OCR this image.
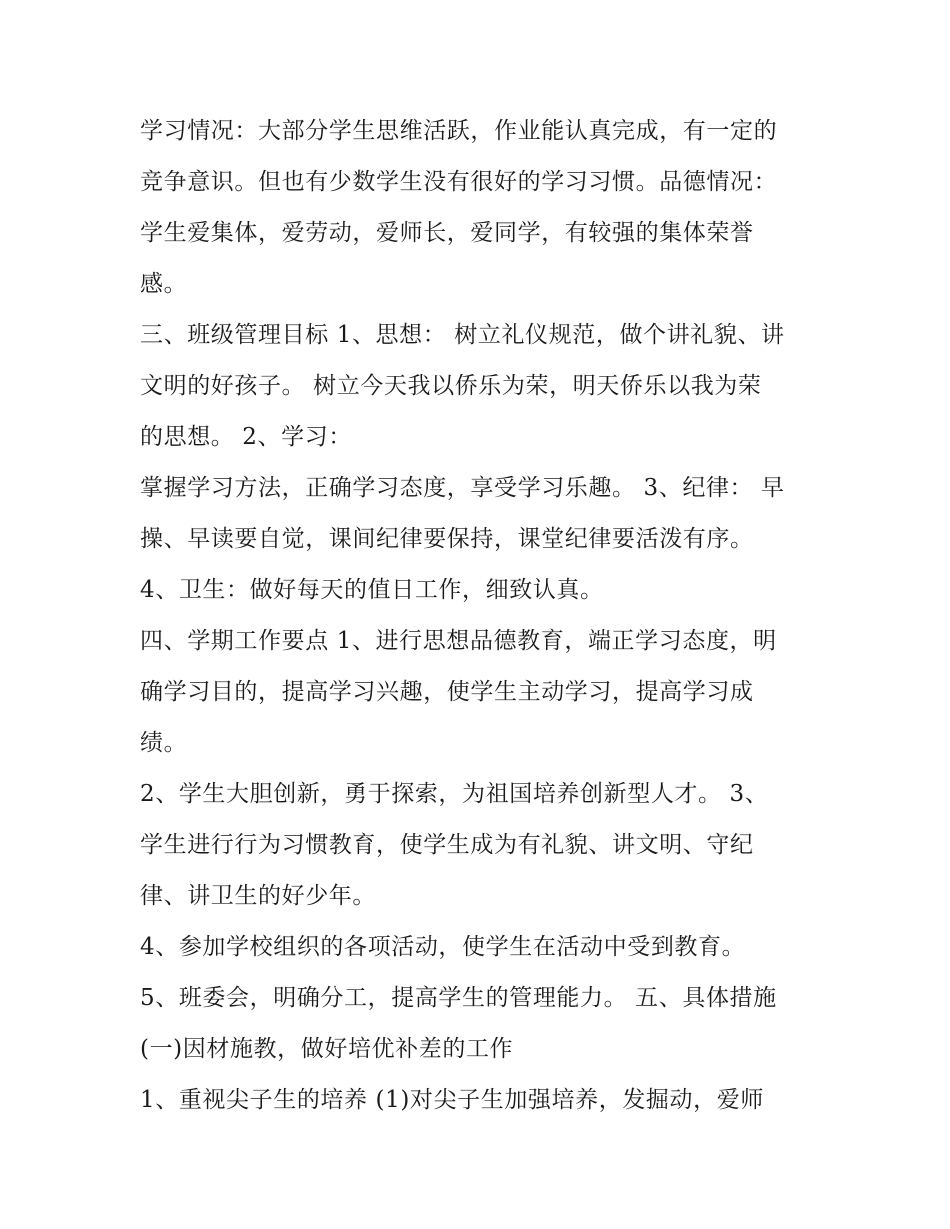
学习情况：大部分学生思维活跃，作业能认真完成，有一定的
竞争意识。但也有少数学生没有很好的学习习惯。品德情况：
学生爱集体，爱劳动，爱师长，爱同学，有较强的集体荣誉
感。
三、班级管理目标 1、思想： 树立礼仪规范，做个讲礼貌、讲
文明的好孩子。 树立今天我以侨乐为荣，明天侨乐以我为荣
的思想。 2、学习：
掌握学习方法，正确学习态度，享受学习乐趣。 3、纪律： 早
操、早读要自觉，课间纪律要保持，课堂纪律要活泼有序。
4、卫生：做好每天的值日工作，细致认真。
四、学期工作要点 1、进行思想品德教育，端正学习态度，明
确学习目的，提高学习兴趣，使学生主动学习，提高学习成
绩。
2、学生大胆创新，勇于探索，为祖国培养创新型人才。 3、
学生进行行为习惯教育，使学生成为有礼貌、讲文明、守纪
律、讲卫生的好少年。
4、参加学校组织的各项活动，使学生在活动中受到教育。
5、班委会，明确分工，提高学生的管理能力。 五、具体措施
(一)因材施教，做好培优补差的工作
1、重视尖子生的培养 (1)对尖子生加强培养，发掘动，爱师
